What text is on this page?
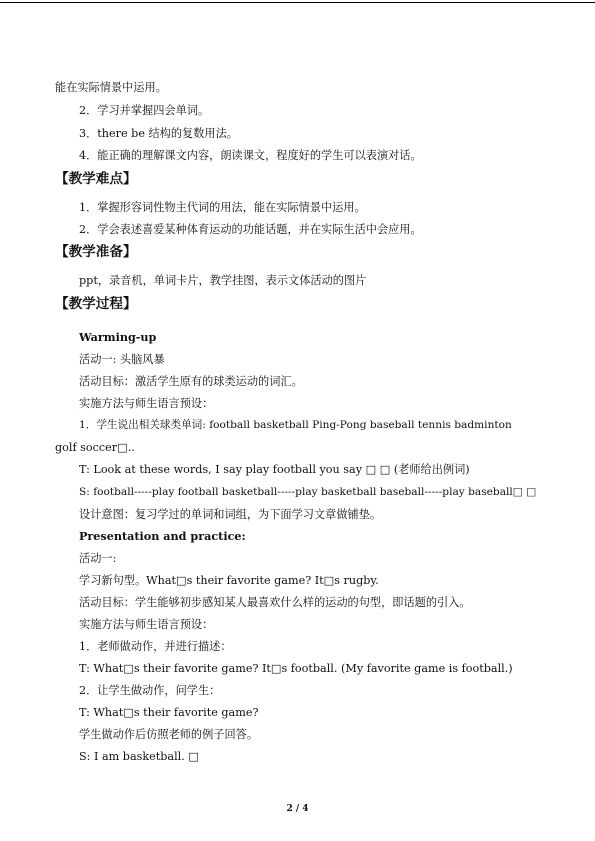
能在实际情景中运用。
2．学习并掌握四会单词。
3．there be 结构的复数用法。
4．能正确的理解课文内容，朗读课文，程度好的学生可以表演对话。
【教学难点】
1．掌握形容词性物主代词的用法，能在实际情景中运用。
2．学会表述喜爱某种体育运动的功能话题，并在实际生活中会应用。
【教学准备】
ppt，录音机，单词卡片，教学挂图，表示文体活动的图片
【教学过程】
Warming-up
活动一: 头脑风暴
活动目标：激活学生原有的球类运动的词汇。
实施方法与师生语言预设：
1．学生说出相关球类单词: football basketball Ping-Pong baseball tennis badminton
golf soccer□..
T: Look at these words, I say play football you say □ □ (老师给出例词)
S: football-----play football basketball-----play basketball baseball-----play baseball□ □
设计意图：复习学过的单词和词组，为下面学习文章做铺垫。
Presentation and practice:
活动一:
学习新句型。What□s their favorite game? It□s rugby.
活动目标：学生能够初步感知某人最喜欢什么样的运动的句型，即话题的引入。
实施方法与师生语言预设：
1．老师做动作，并进行描述：
T: What□s their favorite game? It□s football. (My favorite game is football.)
2．让学生做动作，问学生：
T: What□s their favorite game?
学生做动作后仿照老师的例子回答。
S: I am basketball. □
2 / 4
